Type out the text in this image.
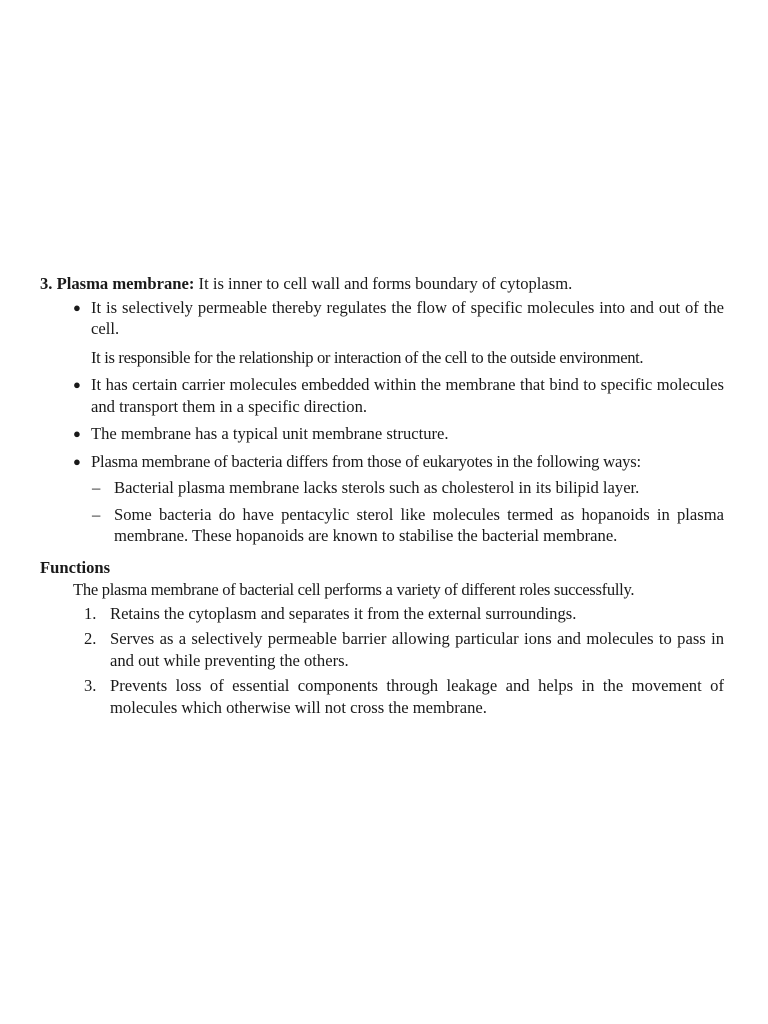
3. Plasma membrane: It is inner to cell wall and forms boundary of cytoplasm.

● It is selectively permeable thereby regulates the flow of specific molecules into and out of the cell.

It is responsible for the relationship or interaction of the cell to the outside environment.

● It has certain carrier molecules embedded within the membrane that bind to specific molecules and transport them in a specific direction.
● The membrane has a typical unit membrane structure.
● Plasma membrane of bacteria differs from those of eukaryotes in the following ways:
– Bacterial plasma membrane lacks sterols such as cholesterol in its bilipid layer.
– Some bacteria do have pentacylic sterol like molecules termed as hopanoids in plasma membrane. These hopanoids are known to stabilise the bacterial membrane.

Functions

The plasma membrane of bacterial cell performs a variety of different roles successfully.

1. Retains the cytoplasm and separates it from the external surroundings.
2. Serves as a selectively permeable barrier allowing particular ions and molecules to pass in and out while preventing the others.
3. Prevents loss of essential components through leakage and helps in the movement of molecules which otherwise will not cross the membrane.
